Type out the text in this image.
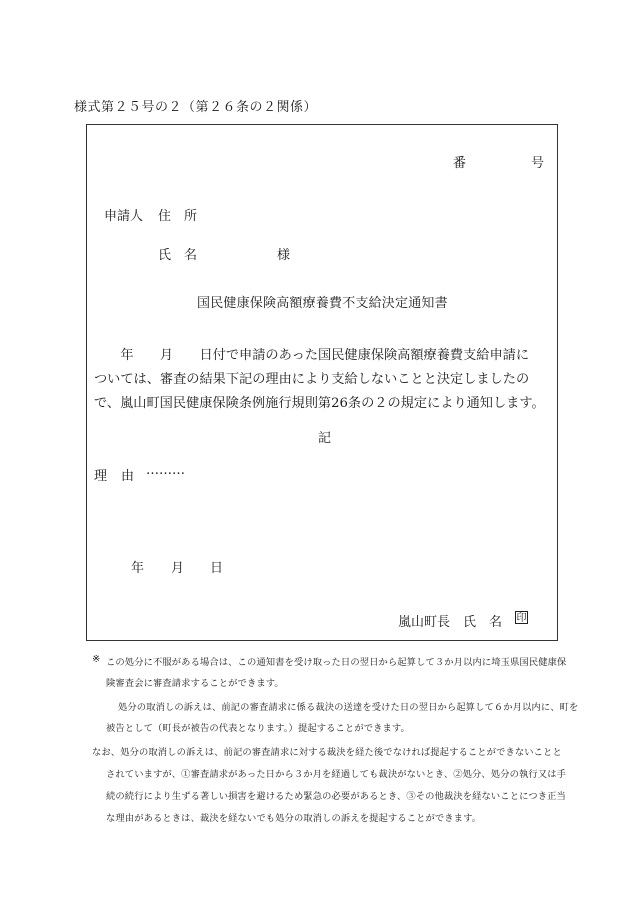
様式第２５号の２（第２６条の２関係）
番	号
申請人 住　所
氏　名	様
国民健康保険高額療養費不支給決定通知書
　　年　　月　　日付で申請のあった国民健康保険高額療養費支給申請に
ついては、審査の結果下記の理由により支給しないことと決定しましたの
で、嵐山町国民健康保険条例施行規則第26条の２の規定により通知します。
記
理　由 ………
年 月 日
嵐山町長　氏　名 印
※ この処分に不服がある場合は、この通知書を受け取った日の翌日から起算して３か月以内に埼玉県国民健康保
険審査会に審査請求することができます。
処分の取消しの訴えは、前記の審査請求に係る裁決の送達を受けた日の翌日から起算して６か月以内に、町を
被告として（町長が被告の代表となります。）提起することができます。
なお、処分の取消しの訴えは、前記の審査請求に対する裁決を経た後でなければ提起することができないことと
されていますが、①審査請求があった日から３か月を経過しても裁決がないとき、②処分、処分の執行又は手
続の続行により生ずる著しい損害を避けるため緊急の必要があるとき、③その他裁決を経ないことにつき正当
な理由があるときは、裁決を経ないでも処分の取消しの訴えを提起することができます。
